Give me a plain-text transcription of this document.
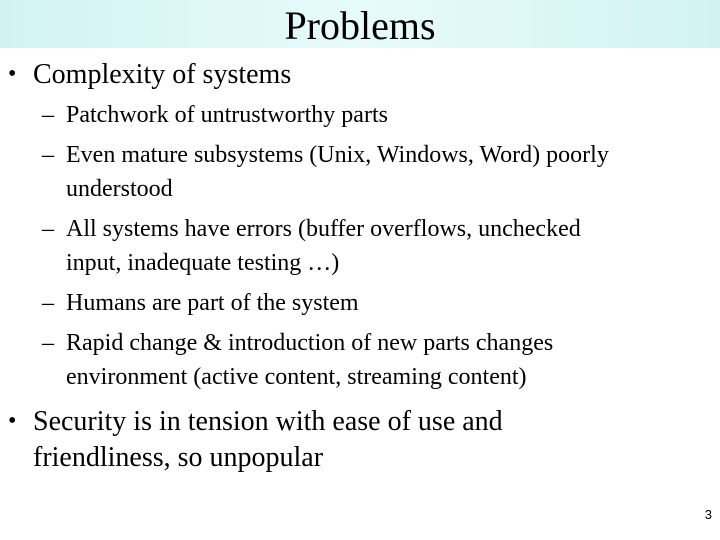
Problems
• Complexity of systems
– Patchwork of untrustworthy parts
– Even mature subsystems (Unix, Windows, Word) poorly
understood
– All systems have errors (buffer overflows, unchecked
input, inadequate testing …)
– Humans are part of the system
– Rapid change & introduction of new parts changes
environment (active content, streaming content)
• Security is in tension with ease of use and
friendliness, so unpopular
3
